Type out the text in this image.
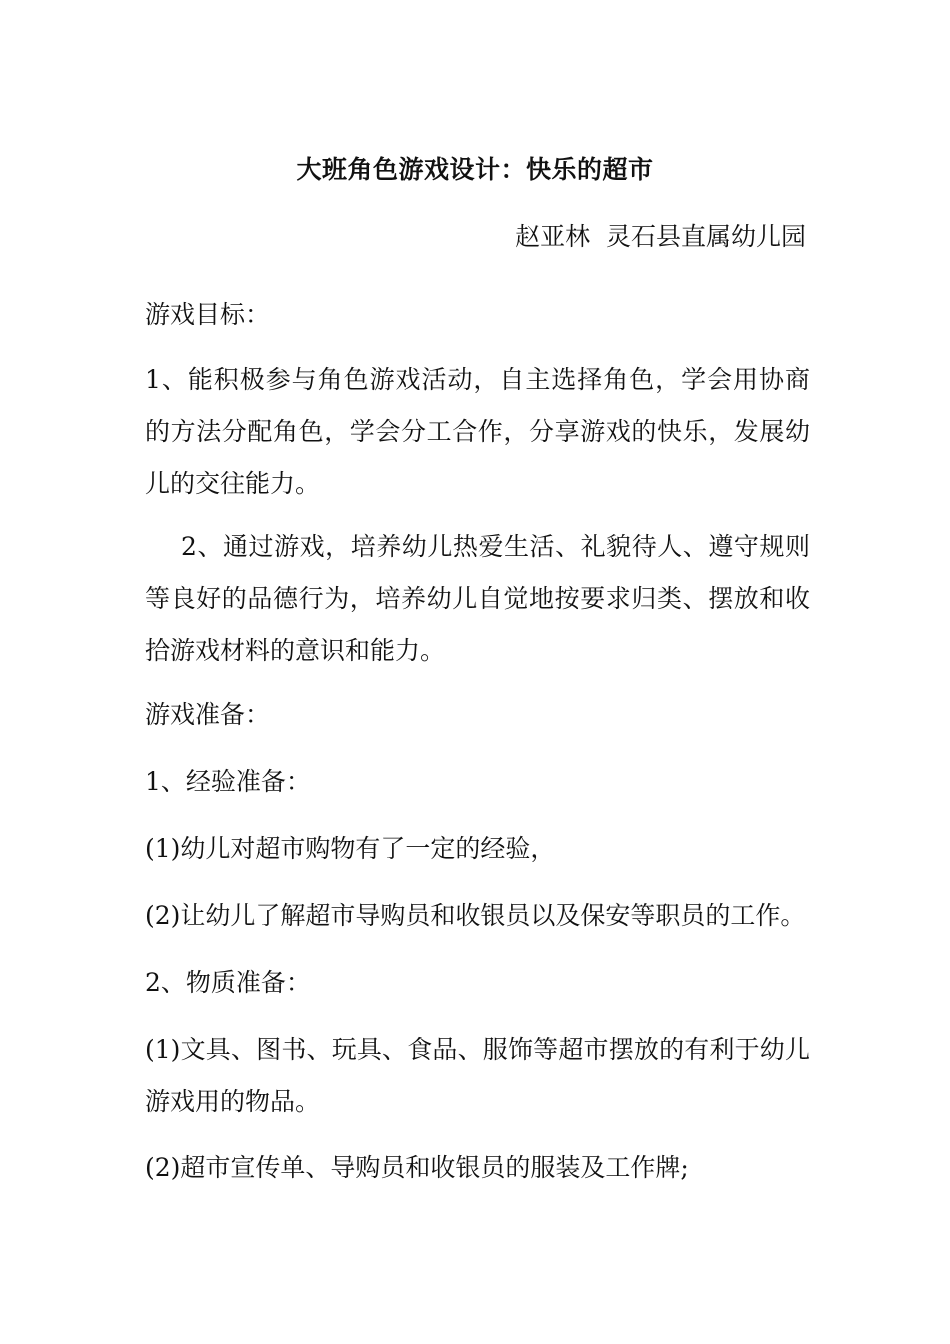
大班角色游戏设计：快乐的超市
赵亚林  灵石县直属幼儿园

游戏目标：

1、能积极参与角色游戏活动，自主选择角色，学会用协商的方法分配角色，学会分工合作，分享游戏的快乐，发展幼儿的交往能力。

2、通过游戏，培养幼儿热爱生活、礼貌待人、遵守规则等良好的品德行为，培养幼儿自觉地按要求归类、摆放和收拾游戏材料的意识和能力。

游戏准备：

1、经验准备：

(1)幼儿对超市购物有了一定的经验，

(2)让幼儿了解超市导购员和收银员以及保安等职员的工作。

2、物质准备：

(1)文具、图书、玩具、食品、服饰等超市摆放的有利于幼儿游戏用的物品。

(2)超市宣传单、导购员和收银员的服装及工作牌;
